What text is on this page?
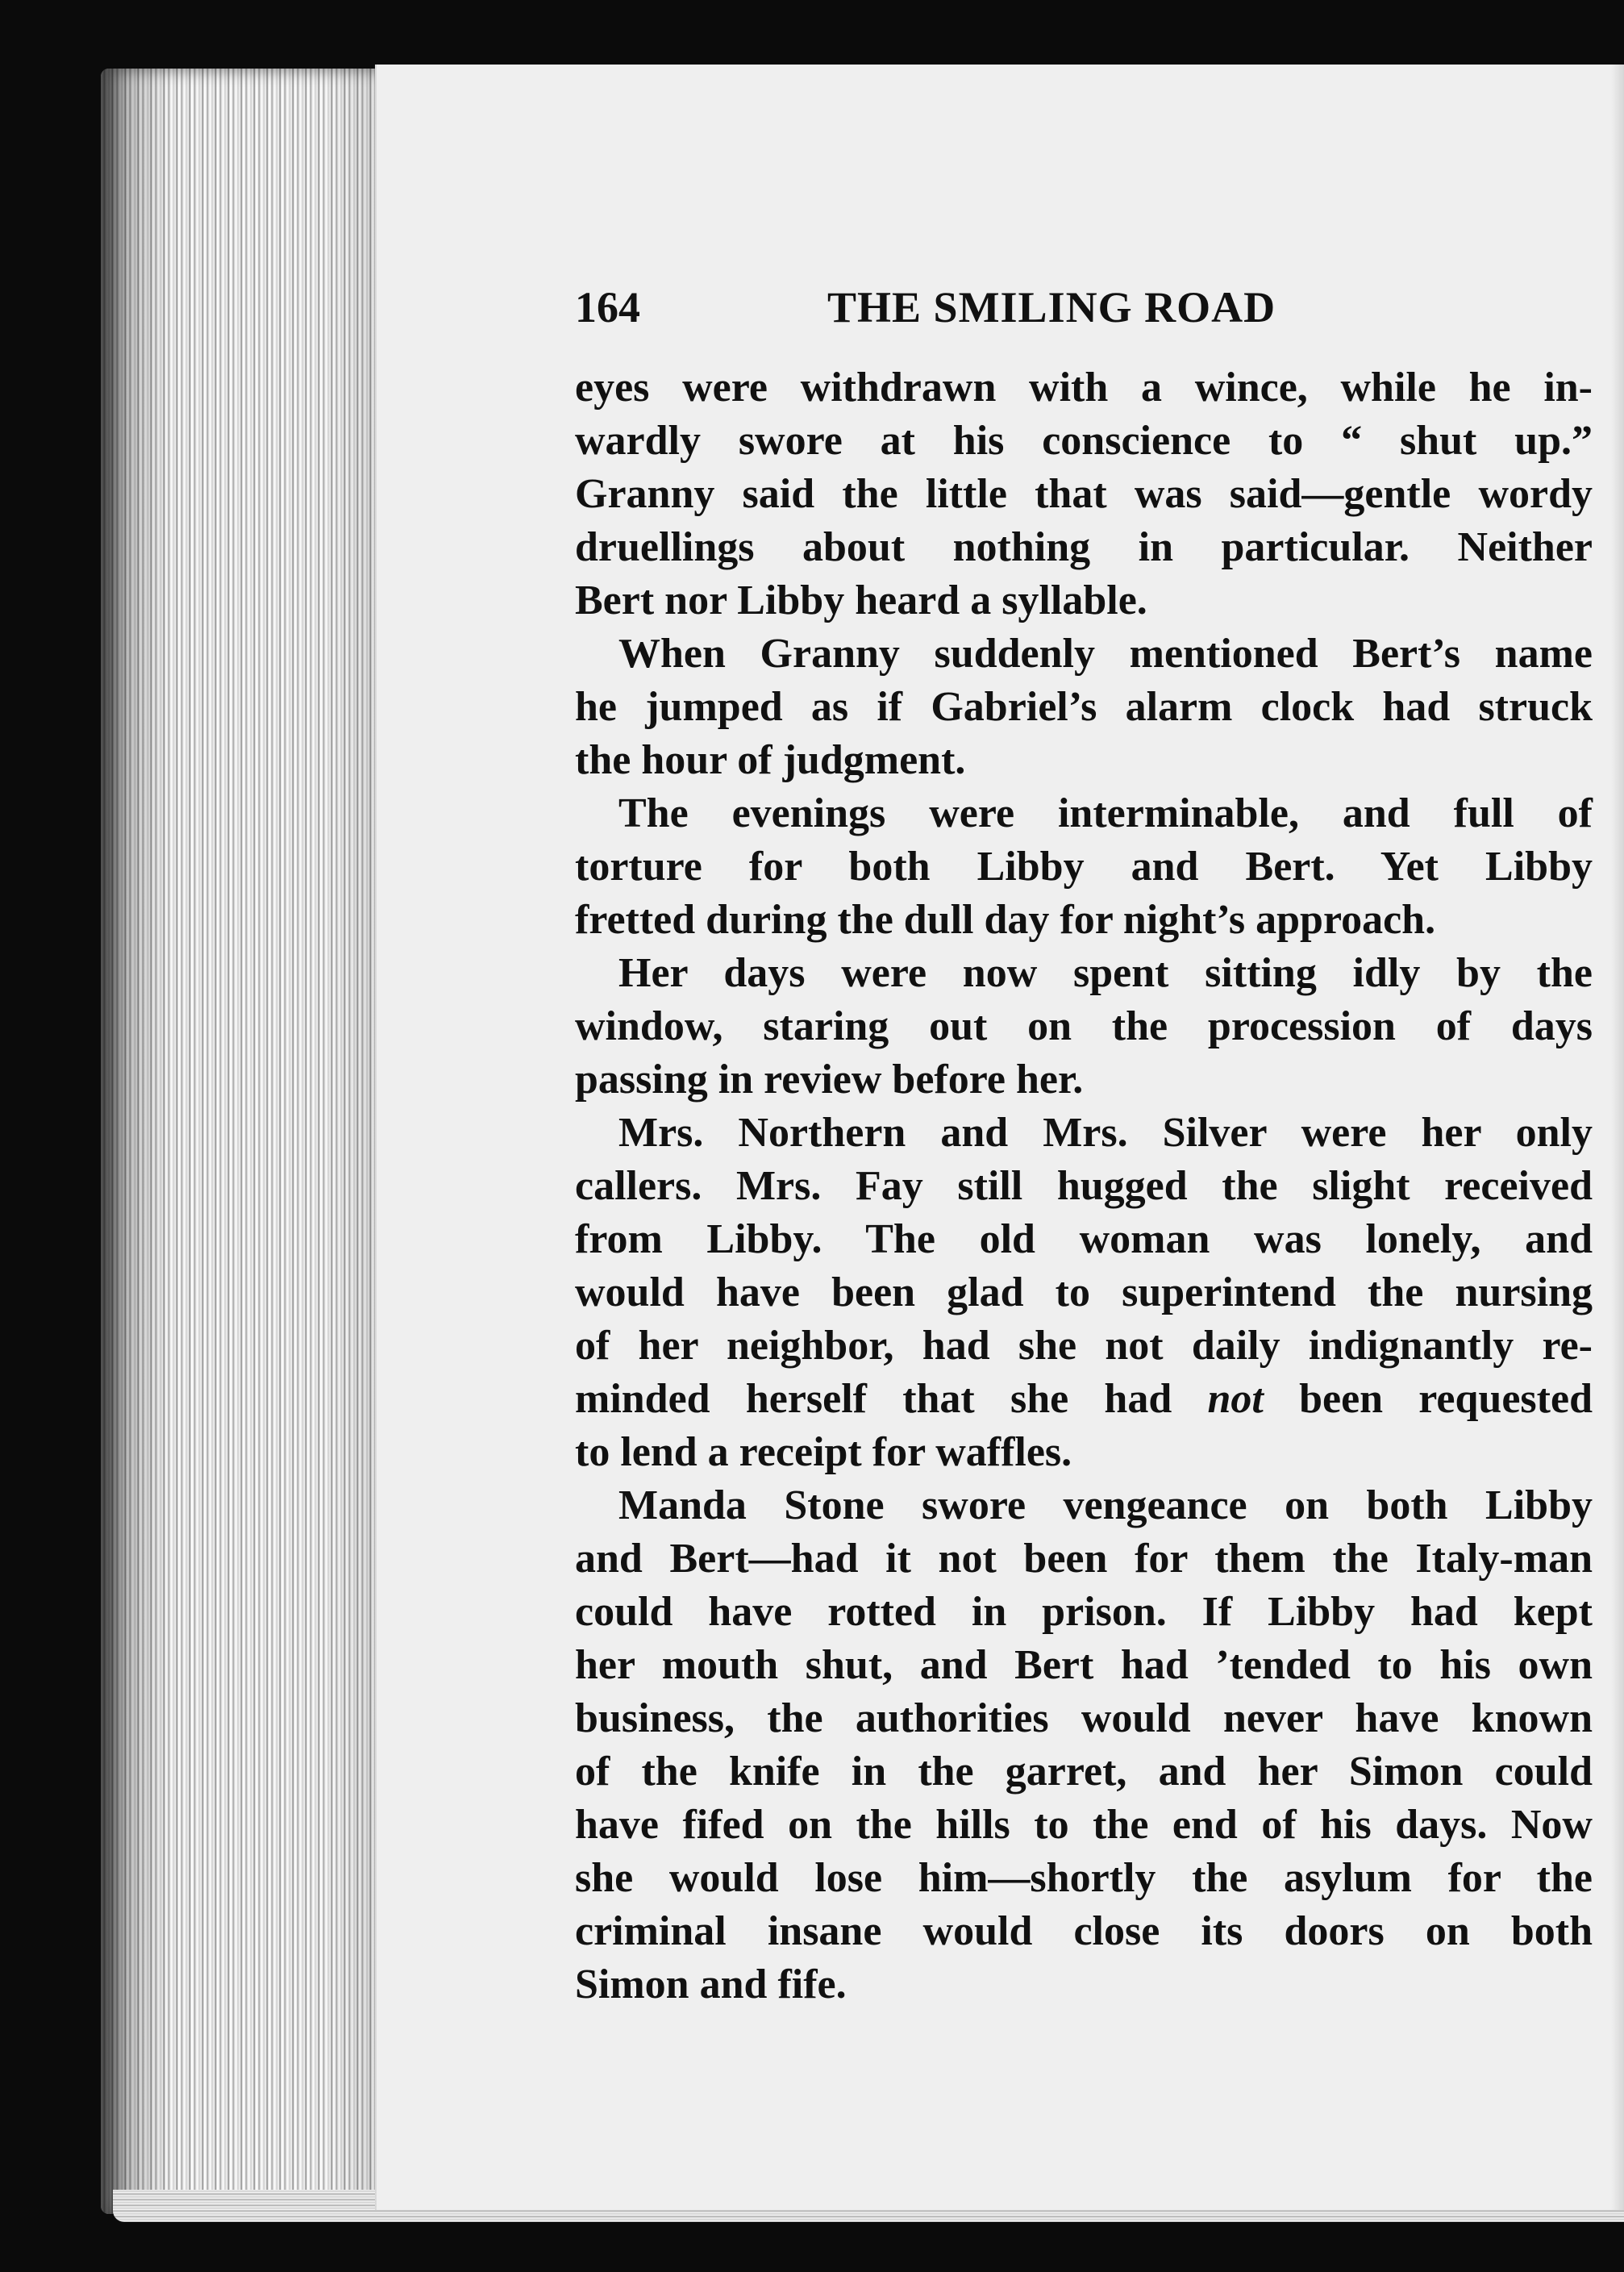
164	THE SMILING ROAD

eyes were withdrawn with a wince, while he in-
wardly swore at his conscience to “ shut up.”
Granny said the little that was said—gentle wordy
druellings about nothing in particular. Neither
Bert nor Libby heard a syllable.

When Granny suddenly mentioned Bert’s name
he jumped as if Gabriel’s alarm clock had struck
the hour of judgment.

The evenings were interminable, and full of
torture for both Libby and Bert. Yet Libby
fretted during the dull day for night’s approach.

Her days were now spent sitting idly by the
window, staring out on the procession of days
passing in review before her.

Mrs. Northern and Mrs. Silver were her only
callers. Mrs. Fay still hugged the slight received
from Libby. The old woman was lonely, and
would have been glad to superintend the nursing
of her neighbor, had she not daily indignantly re-
minded herself that she had not been requested
to lend a receipt for waffles.

Manda Stone swore vengeance on both Libby
and Bert—had it not been for them the Italy-man
could have rotted in prison. If Libby had kept
her mouth shut, and Bert had ’tended to his own
business, the authorities would never have known
of the knife in the garret, and her Simon could
have fifed on the hills to the end of his days. Now
she would lose him—shortly the asylum for the
criminal insane would close its doors on both
Simon and fife.
